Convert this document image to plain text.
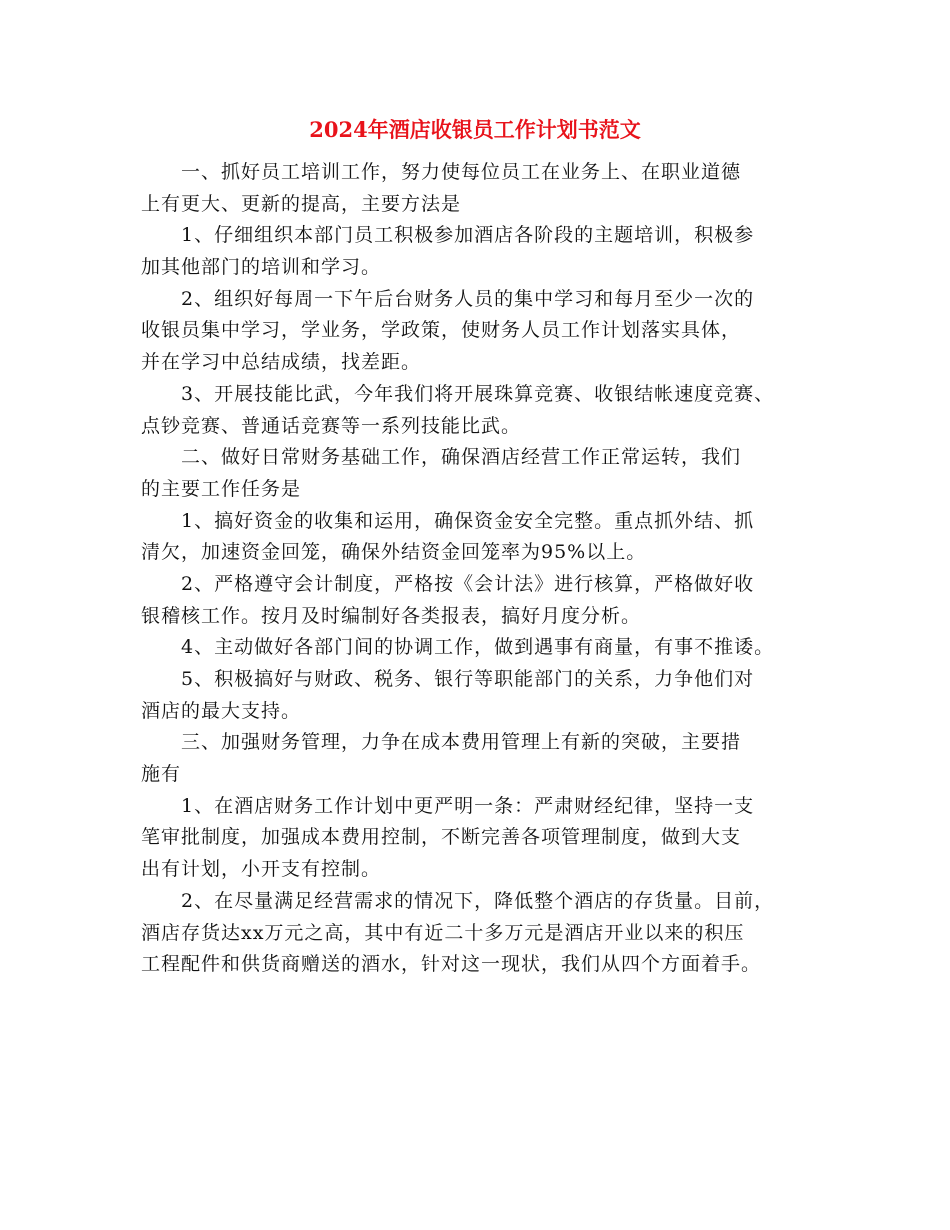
2024年酒店收银员工作计划书范文
一、抓好员工培训工作，努力使每位员工在业务上、在职业道德
上有更大、更新的提高，主要方法是
1、仔细组织本部门员工积极参加酒店各阶段的主题培训，积极参
加其他部门的培训和学习。
2、组织好每周一下午后台财务人员的集中学习和每月至少一次的
收银员集中学习，学业务，学政策，使财务人员工作计划落实具体，
并在学习中总结成绩，找差距。
3、开展技能比武，今年我们将开展珠算竞赛、收银结帐速度竞赛、
点钞竞赛、普通话竞赛等一系列技能比武。
二、做好日常财务基础工作，确保酒店经营工作正常运转，我们
的主要工作任务是
1、搞好资金的收集和运用，确保资金安全完整。重点抓外结、抓
清欠，加速资金回笼，确保外结资金回笼率为95%以上。
2、严格遵守会计制度，严格按《会计法》进行核算，严格做好收
银稽核工作。按月及时编制好各类报表，搞好月度分析。
4、主动做好各部门间的协调工作，做到遇事有商量，有事不推诿。
5、积极搞好与财政、税务、银行等职能部门的关系，力争他们对
酒店的最大支持。
三、加强财务管理，力争在成本费用管理上有新的突破，主要措
施有
1、在酒店财务工作计划中更严明一条：严肃财经纪律，坚持一支
笔审批制度，加强成本费用控制，不断完善各项管理制度，做到大支
出有计划，小开支有控制。
2、在尽量满足经营需求的情况下，降低整个酒店的存货量。目前，
酒店存货达xx万元之高，其中有近二十多万元是酒店开业以来的积压
工程配件和供货商赠送的酒水，针对这一现状，我们从四个方面着手。
